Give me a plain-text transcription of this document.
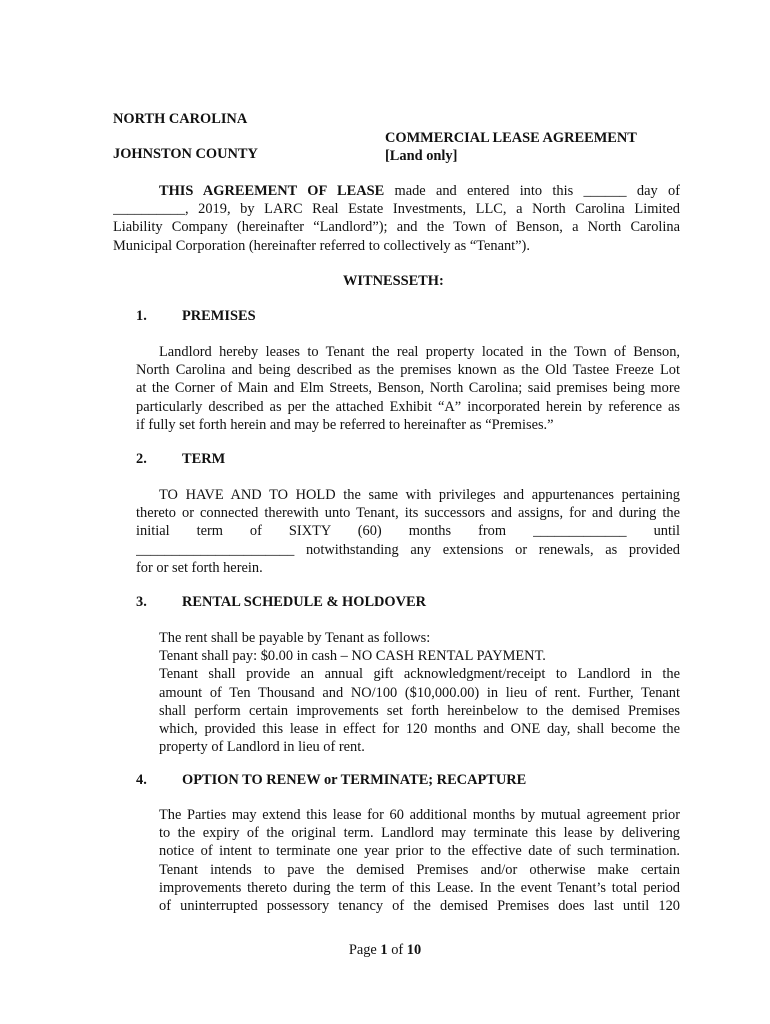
NORTH CAROLINA

JOHNSTON COUNTY

COMMERCIAL LEASE AGREEMENT

[Land only]

THIS AGREEMENT OF LEASE made and entered into this ______ day of
__________, 2019, by LARC Real Estate Investments, LLC, a North Carolina Limited
Liability Company (hereinafter “Landlord”); and the Town of Benson, a North Carolina
Municipal Corporation (hereinafter referred to collectively as “Tenant”).

WITNESSETH:

1. PREMISES
Landlord hereby leases to Tenant the real property located in the Town of Benson,
North Carolina and being described as the premises known as the Old Tastee Freeze Lot
at the Corner of Main and Elm Streets, Benson, North Carolina; said premises being more
particularly described as per the attached Exhibit “A” incorporated herein by reference as
if fully set forth herein and may be referred to hereinafter as “Premises.”
2. TERM
TO HAVE AND TO HOLD the same with privileges and appurtenances pertaining
thereto or connected therewith unto Tenant, its successors and assigns, for and during the
initial term of SIXTY (60) months from _____________ until
______________________ notwithstanding any extensions or renewals, as provided
for or set forth herein.
3. RENTAL SCHEDULE & HOLDOVER
The rent shall be payable by Tenant as follows:
Tenant shall pay: $0.00 in cash – NO CASH RENTAL PAYMENT.
Tenant shall provide an annual gift acknowledgment/receipt to Landlord in the
amount of Ten Thousand and NO/100 ($10,000.00) in lieu of rent. Further, Tenant
shall perform certain improvements set forth hereinbelow to the demised Premises
which, provided this lease in effect for 120 months and ONE day, shall become the
property of Landlord in lieu of rent.
4. OPTION TO RENEW or TERMINATE; RECAPTURE
The Parties may extend this lease for 60 additional months by mutual agreement prior
to the expiry of the original term. Landlord may terminate this lease by delivering
notice of intent to terminate one year prior to the effective date of such termination.
Tenant intends to pave the demised Premises and/or otherwise make certain
improvements thereto during the term of this Lease. In the event Tenant’s total period
of uninterrupted possessory tenancy of the demised Premises does last until 120
Page 1 of 10
